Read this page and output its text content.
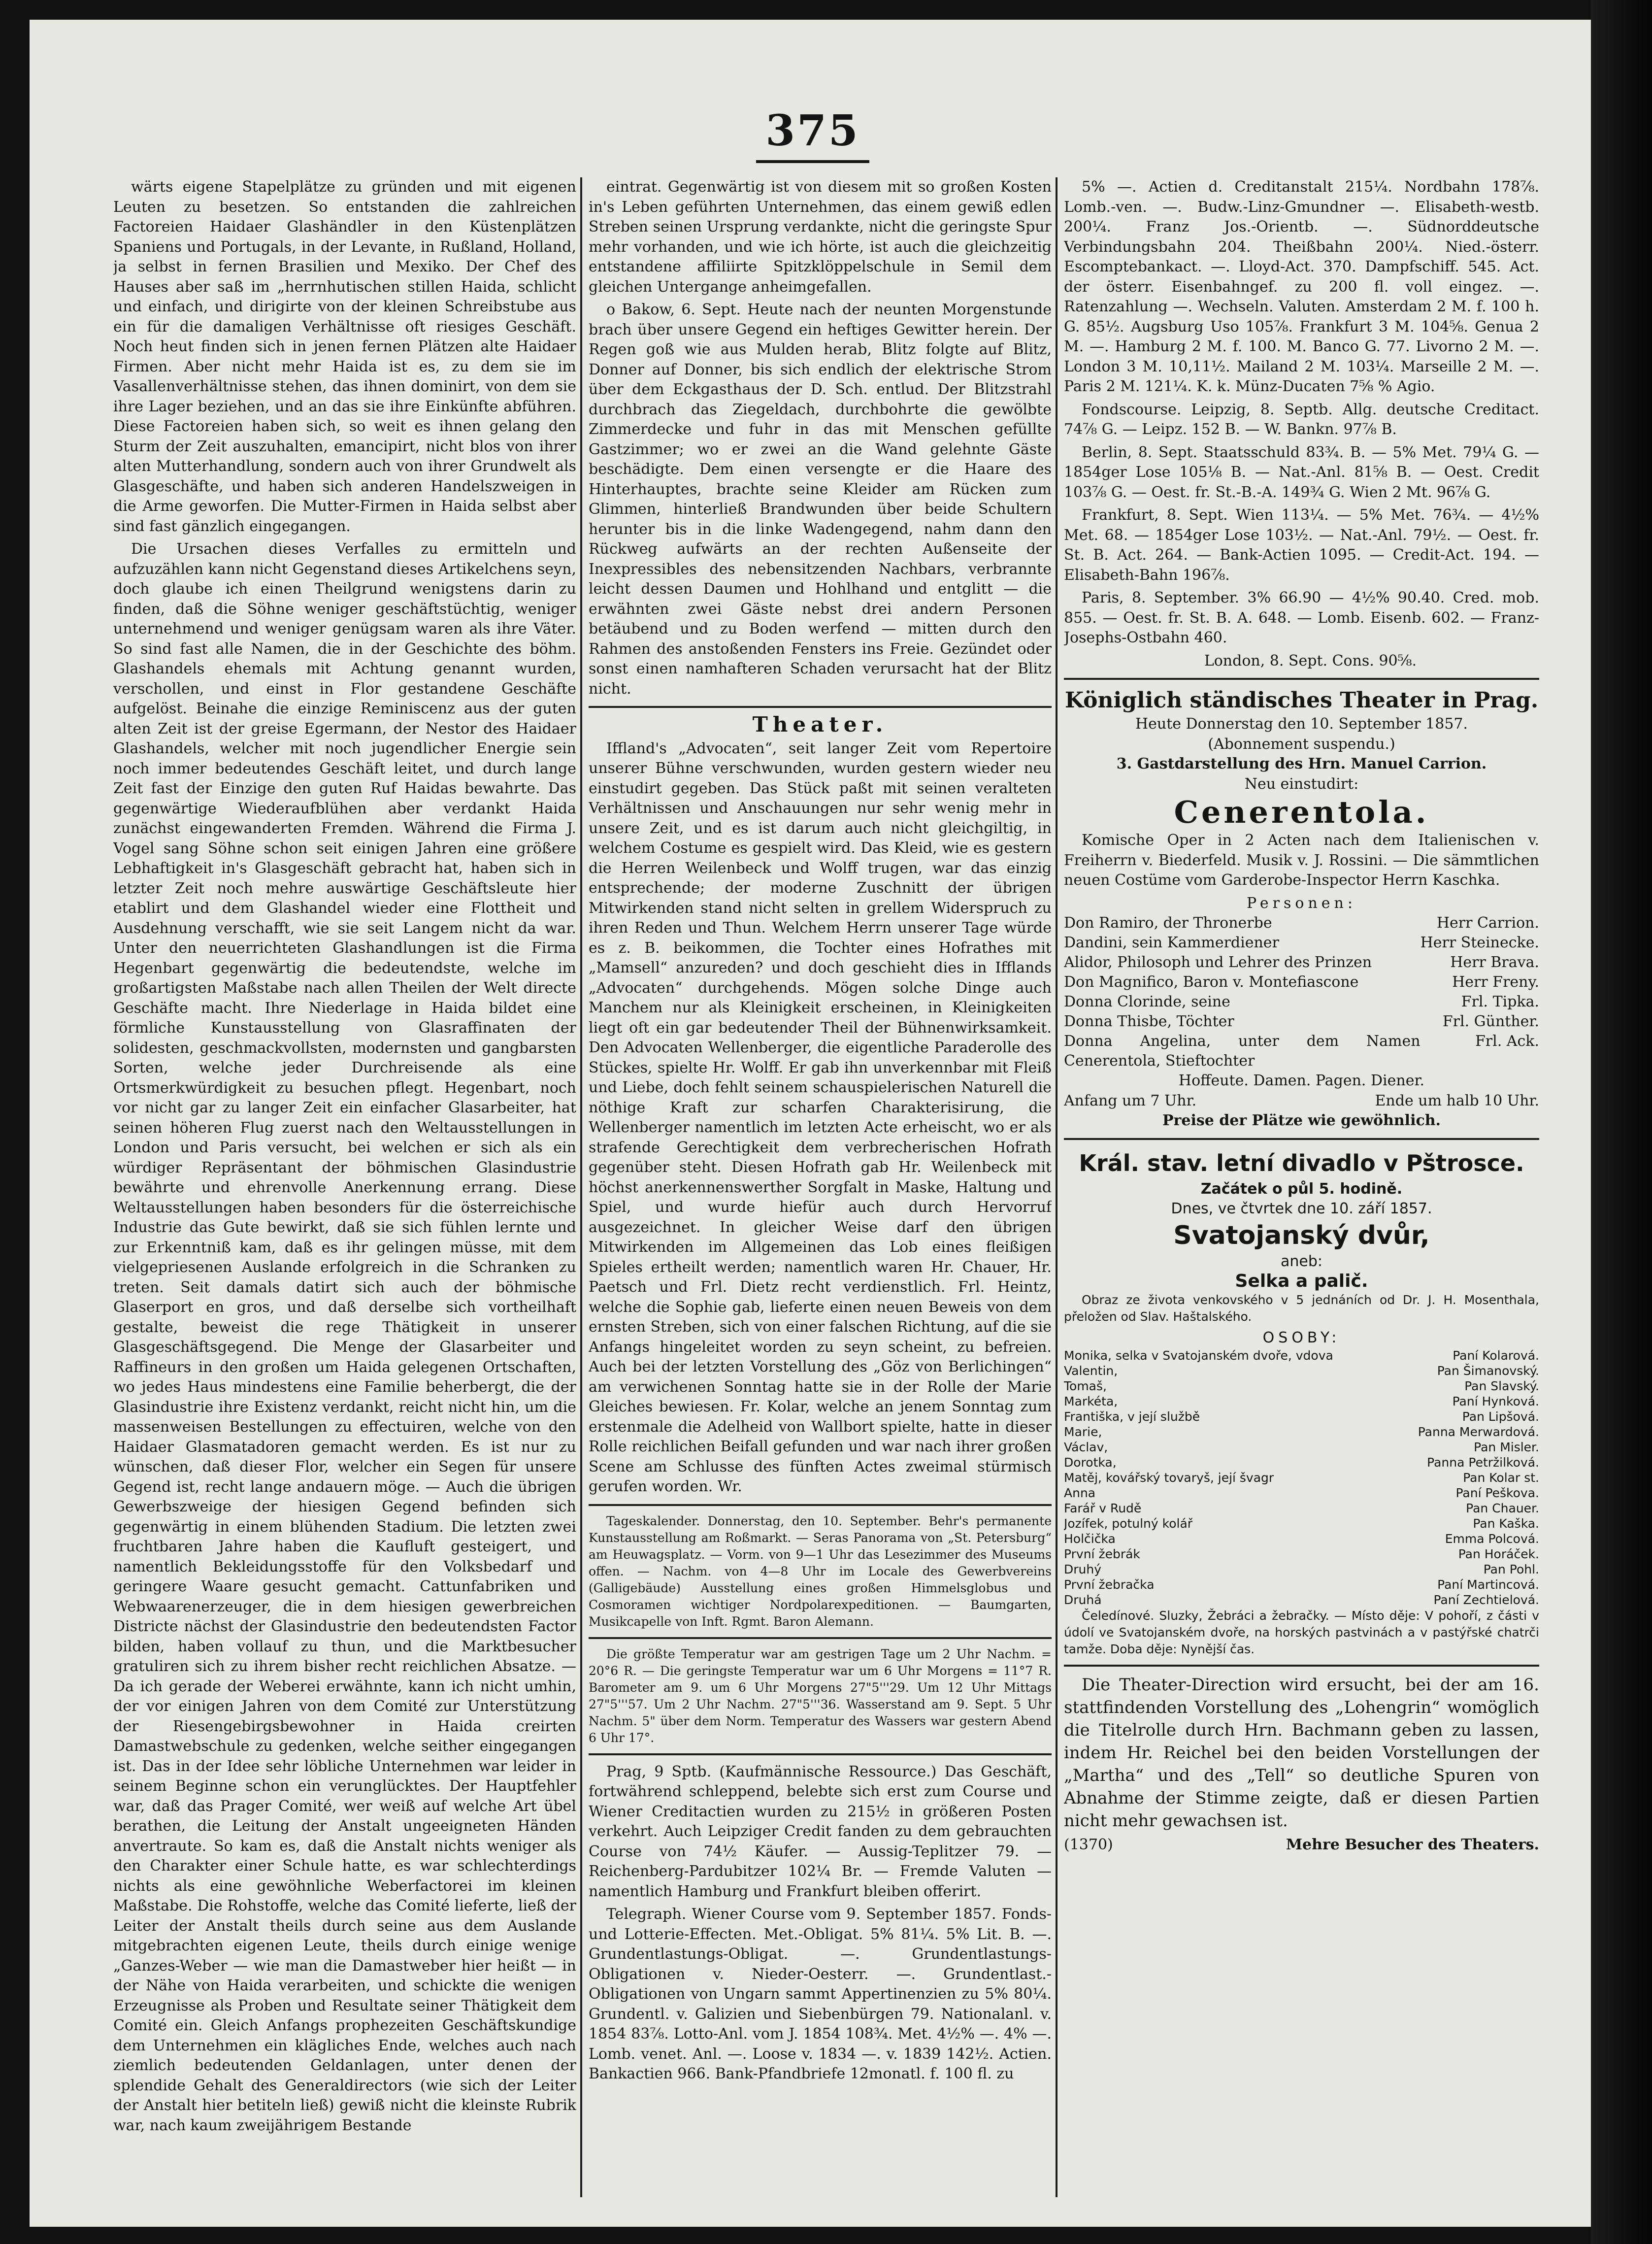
375

wärts eigene Stapelplätze zu gründen und mit eigenen Leuten zu besetzen. So entstanden die zahlreichen Factoreien Haidaer Glashändler in den Küstenplätzen Spaniens und Portugals, in der Levante, in Rußland, Holland, ja selbst in fernen Brasilien und Mexiko. Der Chef des Hauses aber saß im „herrnhutischen stillen Haida, schlicht und einfach, und dirigirte von der kleinen Schreibstube aus ein für die damaligen Verhältnisse oft riesiges Geschäft. Noch heut finden sich in jenen fernen Plätzen alte Haidaer Firmen. Aber nicht mehr Haida ist es, zu dem sie im Vasallenverhältnisse stehen, das ihnen dominirt, von dem sie ihre Lager beziehen, und an das sie ihre Einkünfte abführen. Diese Factoreien haben sich, so weit es ihnen gelang den Sturm der Zeit auszuhalten, emancipirt, nicht blos von ihrer alten Mutterhandlung, sondern auch von ihrer Grundwelt als Glasgeschäfte, und haben sich anderen Handelszweigen in die Arme geworfen. Die Mutter-Firmen in Haida selbst aber sind fast gänzlich eingegangen.

Die Ursachen dieses Verfalles zu ermitteln und aufzuzählen kann nicht Gegenstand dieses Artikelchens seyn, doch glaube ich einen Theilgrund wenigstens darin zu finden, daß die Söhne weniger geschäftstüchtig, weniger unternehmend und weniger genügsam waren als ihre Väter. So sind fast alle Namen, die in der Geschichte des böhm. Glashandels ehemals mit Achtung genannt wurden, verschollen, und einst in Flor gestandene Geschäfte aufgelöst. Beinahe die einzige Reminiscenz aus der guten alten Zeit ist der greise Egermann, der Nestor des Haidaer Glashandels, welcher mit noch jugendlicher Energie sein noch immer bedeutendes Geschäft leitet, und durch lange Zeit fast der Einzige den guten Ruf Haidas bewahrte. Das gegenwärtige Wiederaufblühen aber verdankt Haida zunächst eingewanderten Fremden. Während die Firma J. Vogel sang Söhne schon seit einigen Jahren eine größere Lebhaftigkeit in's Glasgeschäft gebracht hat, haben sich in letzter Zeit noch mehre auswärtige Geschäftsleute hier etablirt und dem Glashandel wieder eine Flottheit und Ausdehnung verschafft, wie sie seit Langem nicht da war. Unter den neuerrichteten Glashandlungen ist die Firma Hegenbart gegenwärtig die bedeutendste, welche im großartigsten Maßstabe nach allen Theilen der Welt directe Geschäfte macht. Ihre Niederlage in Haida bildet eine förmliche Kunstausstellung von Glasraffinaten der solidesten, geschmackvollsten, modernsten und gangbarsten Sorten, welche jeder Durchreisende als eine Ortsmerkwürdigkeit zu besuchen pflegt. Hegenbart, noch vor nicht gar zu langer Zeit ein einfacher Glasarbeiter, hat seinen höheren Flug zuerst nach den Weltausstellungen in London und Paris versucht, bei welchen er sich als ein würdiger Repräsentant der böhmischen Glasindustrie bewährte und ehrenvolle Anerkennung errang. Diese Weltausstellungen haben besonders für die österreichische Industrie das Gute bewirkt, daß sie sich fühlen lernte und zur Erkenntniß kam, daß es ihr gelingen müsse, mit dem vielgepriesenen Auslande erfolgreich in die Schranken zu treten. Seit damals datirt sich auch der böhmische Glaserport en gros, und daß derselbe sich vortheilhaft gestalte, beweist die rege Thätigkeit in unserer Glasgeschäftsgegend. Die Menge der Glasarbeiter und Raffineurs in den großen um Haida gelegenen Ortschaften, wo jedes Haus mindestens eine Familie beherbergt, die der Glasindustrie ihre Existenz verdankt, reicht nicht hin, um die massenweisen Bestellungen zu effectuiren, welche von den Haidaer Glasmatadoren gemacht werden. Es ist nur zu wünschen, daß dieser Flor, welcher ein Segen für unsere Gegend ist, recht lange andauern möge. — Auch die übrigen Gewerbszweige der hiesigen Gegend befinden sich gegenwärtig in einem blühenden Stadium. Die letzten zwei fruchtbaren Jahre haben die Kaufluft gesteigert, und namentlich Bekleidungsstoffe für den Volksbedarf und geringere Waare gesucht gemacht. Cattunfabriken und Webwaarenerzeuger, die in dem hiesigen gewerbreichen Districte nächst der Glasindustrie den bedeutendsten Factor bilden, haben vollauf zu thun, und die Marktbesucher gratuliren sich zu ihrem bisher recht reichlichen Absatze. — Da ich gerade der Weberei erwähnte, kann ich nicht umhin, der vor einigen Jahren von dem Comité zur Unterstützung der Riesengebirgsbewohner in Haida creirten Damastwebschule zu gedenken, welche seither eingegangen ist. Das in der Idee sehr löbliche Unternehmen war leider in seinem Beginne schon ein verunglücktes. Der Hauptfehler war, daß das Prager Comité, wer weiß auf welche Art übel berathen, die Leitung der Anstalt ungeeigneten Händen anvertraute. So kam es, daß die Anstalt nichts weniger als den Charakter einer Schule hatte, es war schlechterdings nichts als eine gewöhnliche Weberfactorei im kleinen Maßstabe. Die Rohstoffe, welche das Comité lieferte, ließ der Leiter der Anstalt theils durch seine aus dem Auslande mitgebrachten eigenen Leute, theils durch einige wenige „Ganzes-Weber — wie man die Damastweber hier heißt — in der Nähe von Haida verarbeiten, und schickte die wenigen Erzeugnisse als Proben und Resultate seiner Thätigkeit dem Comité ein. Gleich Anfangs prophezeiten Geschäftskundige dem Unternehmen ein klägliches Ende, welches auch nach ziemlich bedeutenden Geldanlagen, unter denen der splendide Gehalt des Generaldirectors (wie sich der Leiter der Anstalt hier betiteln ließ) gewiß nicht die kleinste Rubrik war, nach kaum zweijährigem Bestande

eintrat. Gegenwärtig ist von diesem mit so großen Kosten in's Leben geführten Unternehmen, das einem gewiß edlen Streben seinen Ursprung verdankte, nicht die geringste Spur mehr vorhanden, und wie ich hörte, ist auch die gleichzeitig entstandene affiliirte Spitzklöppelschule in Semil dem gleichen Untergange anheimgefallen.

o Bakow, 6. Sept. Heute nach der neunten Morgenstunde brach über unsere Gegend ein heftiges Gewitter herein. Der Regen goß wie aus Mulden herab, Blitz folgte auf Blitz, Donner auf Donner, bis sich endlich der elektrische Strom über dem Eckgasthaus der D. Sch. entlud. Der Blitzstrahl durchbrach das Ziegeldach, durchbohrte die gewölbte Zimmerdecke und fuhr in das mit Menschen gefüllte Gastzimmer; wo er zwei an die Wand gelehnte Gäste beschädigte. Dem einen versengte er die Haare des Hinterhauptes, brachte seine Kleider am Rücken zum Glimmen, hinterließ Brandwunden über beide Schultern herunter bis in die linke Wadengegend, nahm dann den Rückweg aufwärts an der rechten Außenseite der Inexpressibles des nebensitzenden Nachbars, verbrannte leicht dessen Daumen und Hohlhand und entglitt — die erwähnten zwei Gäste nebst drei andern Personen betäubend und zu Boden werfend — mitten durch den Rahmen des anstoßenden Fensters ins Freie. Gezündet oder sonst einen namhafteren Schaden verursacht hat der Blitz nicht.

Theater.

Iffland's „Advocaten“, seit langer Zeit vom Repertoire unserer Bühne verschwunden, wurden gestern wieder neu einstudirt gegeben. Das Stück paßt mit seinen veralteten Verhältnissen und Anschauungen nur sehr wenig mehr in unsere Zeit, und es ist darum auch nicht gleichgiltig, in welchem Costume es gespielt wird. Das Kleid, wie es gestern die Herren Weilenbeck und Wolff trugen, war das einzig entsprechende; der moderne Zuschnitt der übrigen Mitwirkenden stand nicht selten in grellem Widerspruch zu ihren Reden und Thun. Welchem Herrn unserer Tage würde es z. B. beikommen, die Tochter eines Hofrathes mit „Mamsell“ anzureden? und doch geschieht dies in Ifflands „Advocaten“ durchgehends. Mögen solche Dinge auch Manchem nur als Kleinigkeit erscheinen, in Kleinigkeiten liegt oft ein gar bedeutender Theil der Bühnenwirksamkeit. Den Advocaten Wellenberger, die eigentliche Paraderolle des Stückes, spielte Hr. Wolff. Er gab ihn unverkennbar mit Fleiß und Liebe, doch fehlt seinem schauspielerischen Naturell die nöthige Kraft zur scharfen Charakterisirung, die Wellenberger namentlich im letzten Acte erheischt, wo er als strafende Gerechtigkeit dem verbrecherischen Hofrath gegenüber steht. Diesen Hofrath gab Hr. Weilenbeck mit höchst anerkennenswerther Sorgfalt in Maske, Haltung und Spiel, und wurde hiefür auch durch Hervorruf ausgezeichnet. In gleicher Weise darf den übrigen Mitwirkenden im Allgemeinen das Lob eines fleißigen Spieles ertheilt werden; namentlich waren Hr. Chauer, Hr. Paetsch und Frl. Dietz recht verdienstlich. Frl. Heintz, welche die Sophie gab, lieferte einen neuen Beweis von dem ernsten Streben, sich von einer falschen Richtung, auf die sie Anfangs hingeleitet worden zu seyn scheint, zu befreien. Auch bei der letzten Vorstellung des „Göz von Berlichingen“ am verwichenen Sonntag hatte sie in der Rolle der Marie Gleiches bewiesen. Fr. Kolar, welche an jenem Sonntag zum erstenmale die Adelheid von Wallbort spielte, hatte in dieser Rolle reichlichen Beifall gefunden und war nach ihrer großen Scene am Schlusse des fünften Actes zweimal stürmisch gerufen worden. Wr.

Tageskalender. Donnerstag, den 10. September. Behr's permanente Kunstausstellung am Roßmarkt. — Seras Panorama von „St. Petersburg“ am Heuwagsplatz. — Vorm. von 9—1 Uhr das Lesezimmer des Museums offen. — Nachm. von 4—8 Uhr im Locale des Gewerbvereins (Galligebäude) Ausstellung eines großen Himmelsglobus und Cosmoramen wichtiger Nordpolarexpeditionen. — Baumgarten, Musikcapelle von Inft. Rgmt. Baron Alemann.

Die größte Temperatur war am gestrigen Tage um 2 Uhr Nachm. = 20°6 R. — Die geringste Temperatur war um 6 Uhr Morgens = 11°7 R. Barometer am 9. um 6 Uhr Morgens 27"5'''29. Um 12 Uhr Mittags 27"5'''57. Um 2 Uhr Nachm. 27"5'''36. Wasserstand am 9. Sept. 5 Uhr Nachm. 5" über dem Norm. Temperatur des Wassers war gestern Abend 6 Uhr 17°.

Prag, 9 Sptb. (Kaufmännische Ressource.) Das Geschäft, fortwährend schleppend, belebte sich erst zum Course und Wiener Creditactien wurden zu 215½ in größeren Posten verkehrt. Auch Leipziger Credit fanden zu dem gebrauchten Course von 74½ Käufer. — Aussig-Teplitzer 79. — Reichenberg-Pardubitzer 102¼ Br. — Fremde Valuten — namentlich Hamburg und Frankfurt bleiben offerirt.

Telegraph. Wiener Course vom 9. September 1857. Fonds- und Lotterie-Effecten. Met.-Obligat. 5% 81¼. 5% Lit. B. —. Grundentlastungs-Obligat. —. Grundentlastungs-Obligationen v. Nieder-Oesterr. —. Grundentlast.-Obligationen von Ungarn sammt Appertinenzien zu 5% 80¼. Grundentl. v. Galizien und Siebenbürgen 79. Nationalanl. v. 1854 83⅞. Lotto-Anl. vom J. 1854 108¾. Met. 4½% —. 4% —. Lomb. venet. Anl. —. Loose v. 1834 —. v. 1839 142½. Actien. Bankactien 966. Bank-Pfandbriefe 12monatl. f. 100 fl. zu

5% —. Actien d. Creditanstalt 215¼. Nordbahn 178⅞. Lomb.-ven. —. Budw.-Linz-Gmundner —. Elisabeth-westb. 200¼. Franz Jos.-Orientb. —. Südnorddeutsche Verbindungsbahn 204. Theißbahn 200¼. Nied.-österr. Escomptebankact. —. Lloyd-Act. 370. Dampfschiff. 545. Act. der österr. Eisenbahngef. zu 200 fl. voll eingez. —. Ratenzahlung —. Wechseln. Valuten. Amsterdam 2 M. f. 100 h. G. 85½. Augsburg Uso 105⅞. Frankfurt 3 M. 104⅝. Genua 2 M. —. Hamburg 2 M. f. 100. M. Banco G. 77. Livorno 2 M. —. London 3 M. 10,11½. Mailand 2 M. 103¼. Marseille 2 M. —. Paris 2 M. 121¼. K. k. Münz-Ducaten 7⅝ % Agio.

Fondscourse. Leipzig, 8. Septb. Allg. deutsche Creditact. 74⅞ G. — Leipz. 152 B. — W. Bankn. 97⅞ B.

Berlin, 8. Sept. Staatsschuld 83¾. B. — 5% Met. 79¼ G. — 1854ger Lose 105⅛ B. — Nat.-Anl. 81⅝ B. — Oest. Credit 103⅞ G. — Oest. fr. St.-B.-A. 149¾ G. Wien 2 Mt. 96⅞ G.

Frankfurt, 8. Sept. Wien 113¼. — 5% Met. 76¾. — 4½% Met. 68. — 1854ger Lose 103½. — Nat.-Anl. 79½. — Oest. fr. St. B. Act. 264. — Bank-Actien 1095. — Credit-Act. 194. — Elisabeth-Bahn 196⅞.

Paris, 8. September. 3% 66.90 — 4½% 90.40. Cred. mob. 855. — Oest. fr. St. B. A. 648. — Lomb. Eisenb. 602. — Franz-Josephs-Ostbahn 460.

London, 8. Sept. Cons. 90⅝.

Königlich ständisches Theater in Prag.
Heute Donnerstag den 10. September 1857.
(Abonnement suspendu.)
3. Gastdarstellung des Hrn. Manuel Carrion.
Neu einstudirt:
Cenerentola.

Komische Oper in 2 Acten nach dem Italienischen v. Freiherrn v. Biederfeld. Musik v. J. Rossini. — Die sämmtlichen neuen Costüme vom Garderobe-Inspector Herrn Kaschka.

Personen:
Don Ramiro, der Thronerbe	Herr Carrion.
Dandini, sein Kammerdiener	Herr Steinecke.
Alidor, Philosoph und Lehrer des Prinzen	Herr Brava.
Don Magnifico, Baron v. Montefiascone	Herr Freny.
Donna Clorinde, seine	Frl. Tipka.
Donna Thisbe, Töchter	Frl. Günther.
Donna Angelina, unter dem Namen Cenerentola, Stieftochter	Frl. Ack.
Hoffeute. Damen. Pagen. Diener.
Anfang um 7 Uhr.	Ende um halb 10 Uhr.
Preise der Plätze wie gewöhnlich.
Král. stav. letní divadlo v Pštrosce.
Začátek o půl 5. hodině.
Dnes, ve čtvrtek dne 10. září 1857.
Svatojanský dvůr,
aneb:
Selka a palič.

Obraz ze života venkovského v 5 jednáních od Dr. J. H. Mosenthala, přeložen od Slav. Haštalského.

OSOBY:
Monika, selka v Svatojanském dvoře, vdova	Paní Kolarová.
Valentin,	Pan Šimanovský.
Tomaš,	Pan Slavský.
Markéta,	Paní Hynková.
Františka, v její službě	Pan Lipšová.
Marie,	Panna Merwardová.
Václav,	Pan Misler.
Dorotka,	Panna Petržilková.
Matěj, kovářský tovaryš, její švagr	Pan Kolar st.
Anna	Paní Peškova.
Farář v Rudě	Pan Chauer.
Jozífek, potulný kolář	Pan Kaška.
Holčička	Emma Polcová.
První žebrák	Pan Horáček.
Druhý	Pan Pohl.
První žebračka	Paní Martincová.
Druhá	Paní Zechtielová.

Čeledínové. Sluzky, Žebráci a žebračky. — Místo děje: V pohoří, z části v údolí ve Svatojanském dvoře, na horských pastvinách a v pastýřské chatrči tamže. Doba děje: Nynější čas.

Die Theater-Direction wird ersucht, bei der am 16. stattfindenden Vorstellung des „Lohengrin“ womöglich die Titelrolle durch Hrn. Bachmann geben zu lassen, indem Hr. Reichel bei den beiden Vorstellungen der „Martha“ und des „Tell“ so deutliche Spuren von Abnahme der Stimme zeigte, daß er diesen Partien nicht mehr gewachsen ist.

(1370)	Mehre Besucher des Theaters.
